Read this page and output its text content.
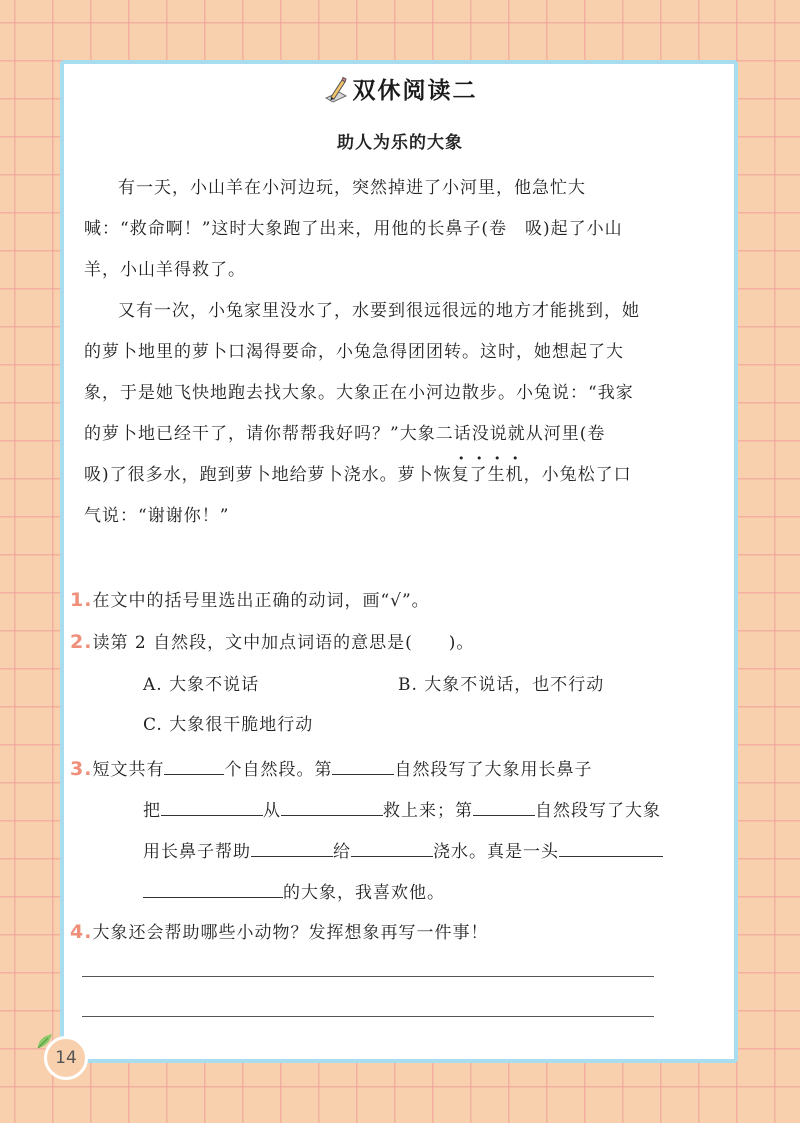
双休阅读二
助人为乐的大象

有一天，小山羊在小河边玩，突然掉进了小河里，他急忙大喊：“救命啊！”这时大象跑了出来，用他的长鼻子(卷 吸)起了小山羊，小山羊得救了。

又有一次，小兔家里没水了，水要到很远很远的地方才能挑到，她的萝卜地里的萝卜口渴得要命，小兔急得团团转。这时，她想起了大象，于是她飞快地跑去找大象。大象正在小河边散步。小兔说：“我家的萝卜地已经干了，请你帮帮我好吗？”大象二话没说就从河里(卷吸)了很多水，跑到萝卜地给萝卜浇水。萝卜恢复了生机，小兔松了口气说：“谢谢你！”

1.在文中的括号里选出正确的动词，画“√”。
2.读第 2 自然段，文中加点词语的意思是(　　)。
A. 大象不说话	B. 大象不说话，也不行动
C. 大象很干脆地行动
3.短文共有	个自然段。第	自然段写了大象用长鼻子
把	从	救上来；第	自然段写了大象
用长鼻子帮助	给	浇水。真是一头
的大象，我喜欢他。
4.大象还会帮助哪些小动物？发挥想象再写一件事！
14
